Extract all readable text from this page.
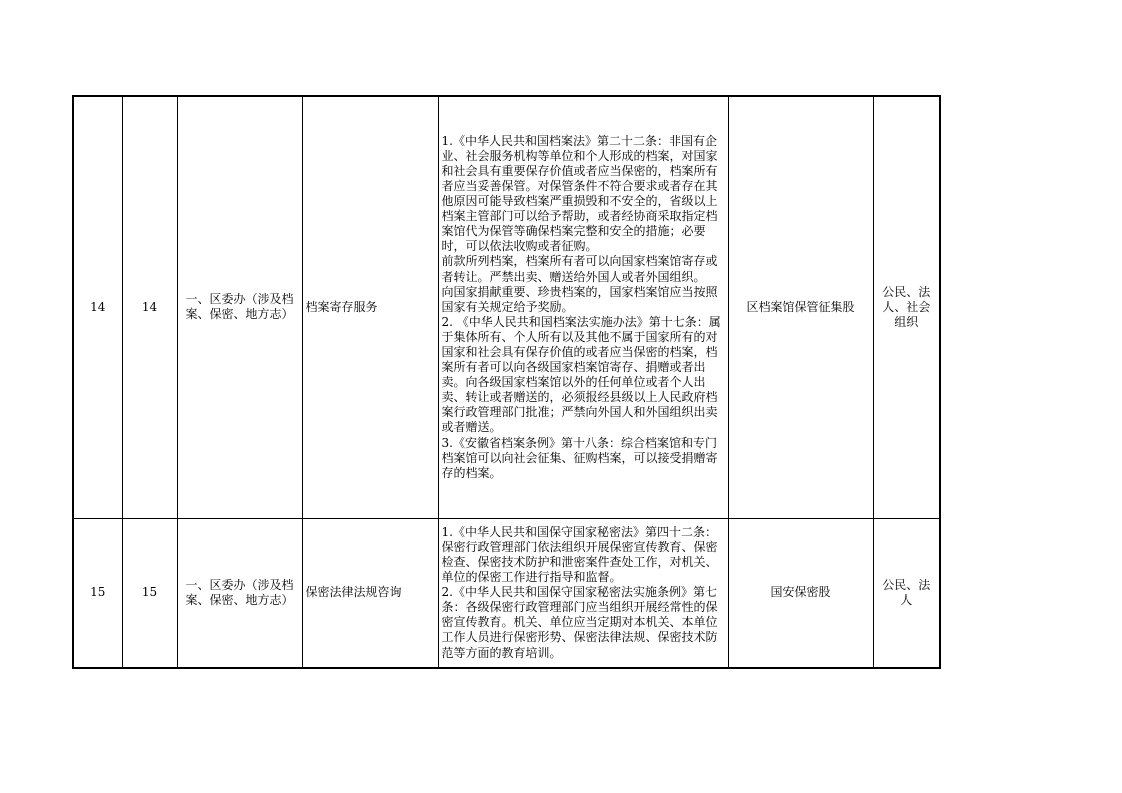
14	14	一、区委办（涉及档案、保密、地方志）	档案寄存服务	1.《中华人民共和国档案法》第二十二条：非国有企业、社会服务机构等单位和个人形成的档案，对国家和社会具有重要保存价值或者应当保密的，档案所有者应当妥善保管。对保管条件不符合要求或者存在其他原因可能导致档案严重损毁和不安全的，省级以上档案主管部门可以给予帮助，或者经协商采取指定档案馆代为保管等确保档案完整和安全的措施；必要时，可以依法收购或者征购。
前款所列档案，档案所有者可以向国家档案馆寄存或者转让。严禁出卖、赠送给外国人或者外国组织。
向国家捐献重要、珍贵档案的，国家档案馆应当按照国家有关规定给予奖励。
2. 《中华人民共和国档案法实施办法》第十七条：属于集体所有、个人所有以及其他不属于国家所有的对国家和社会具有保存价值的或者应当保密的档案，档案所有者可以向各级国家档案馆寄存、捐赠或者出卖。向各级国家档案馆以外的任何单位或者个人出卖、转让或者赠送的，必须报经县级以上人民政府档案行政管理部门批准；严禁向外国人和外国组织出卖或者赠送。
3.《安徽省档案条例》第十八条：综合档案馆和专门档案馆可以向社会征集、征购档案，可以接受捐赠寄存的档案。	区档案馆保管征集股	公民、法人、社会组织
15	15	一、区委办（涉及档案、保密、地方志）	保密法律法规咨询	1.《中华人民共和国保守国家秘密法》第四十二条：保密行政管理部门依法组织开展保密宣传教育、保密检查、保密技术防护和泄密案件查处工作，对机关、单位的保密工作进行指导和监督。
2.《中华人民共和国保守国家秘密法实施条例》第七条：各级保密行政管理部门应当组织开展经常性的保密宣传教育。机关、单位应当定期对本机关、本单位工作人员进行保密形势、保密法律法规、保密技术防范等方面的教育培训。	国安保密股	公民、法人
